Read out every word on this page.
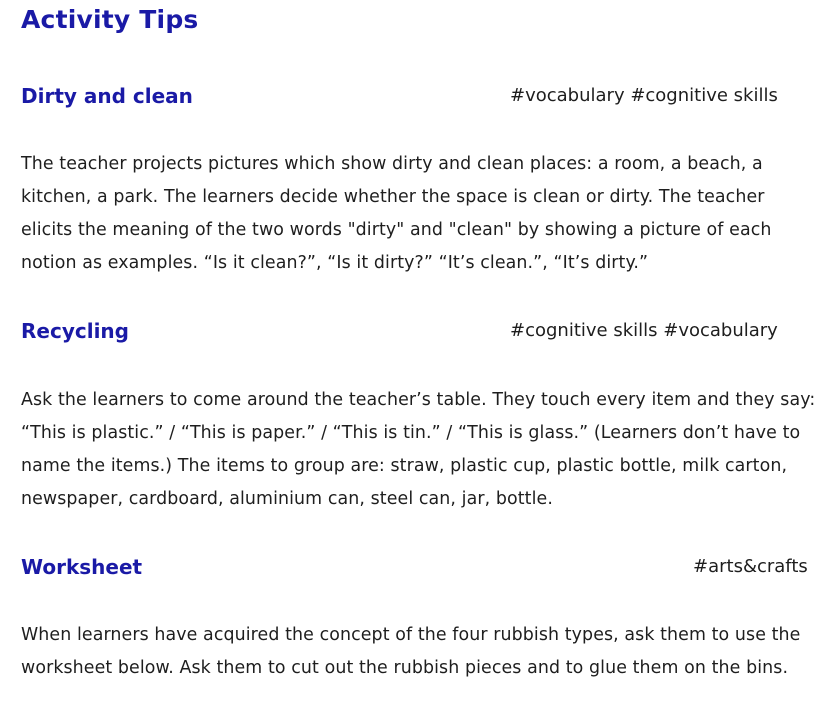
Activity Tips
Dirty and clean	#vocabulary #cognitive skills

The teacher projects pictures which show dirty and clean places: a room, a beach, a kitchen, a park. The learners decide whether the space is clean or dirty. The teacher elicits the meaning of the two words "dirty" and "clean" by showing a picture of each notion as examples. “Is it clean?”, “Is it dirty?” “It’s clean.”, “It’s dirty.”

Recycling	#cognitive skills #vocabulary

Ask the learners to come around the teacher’s table. They touch every item and they say: “This is plastic.” / “This is paper.” / “This is tin.” / “This is glass.” (Learners don’t have to name the items.) The items to group are: straw, plastic cup, plastic bottle, milk carton, newspaper, cardboard, aluminium can, steel can, jar, bottle.

Worksheet	#arts&crafts

When learners have acquired the concept of the four rubbish types, ask them to use the worksheet below. Ask them to cut out the rubbish pieces and to glue them on the bins.
